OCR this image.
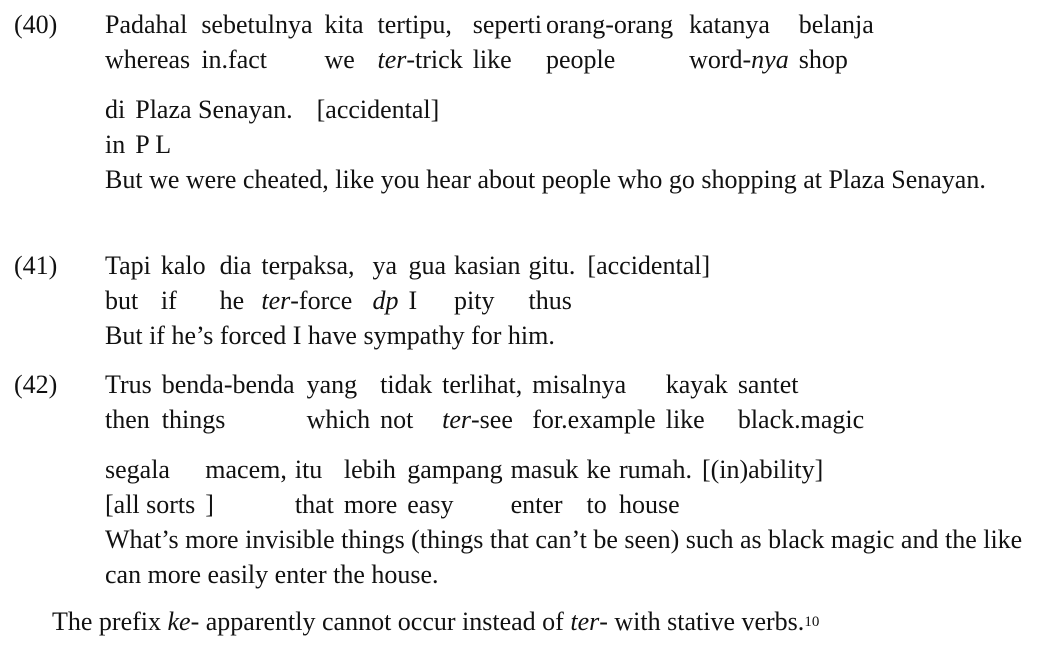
(40) Padahal	sebetulnya	kita	tertipu,	seperti	orang-orang	katanya	belanja
whereas	in.fact	we	ter-trick	like	people	word-nya	shop
di	Plaza Senayan.	[accidental]
in	P L	
But we were cheated, like you hear about people who go shopping at Plaza Senayan.
(41) Tapi	kalo	dia	terpaksa,	ya	gua	kasian	gitu.	[accidental]
but	if	he	ter-force	dp	I	pity	thus	
But if he’s forced I have sympathy for him.
(42) Trus	benda-benda	yang	tidak	terlihat,	misalnya	kayak	santet
then	things	which	not	ter-see	for.example	like	black.magic
segala	macem,	itu	lebih	gampang	masuk	ke	rumah.	[(in)ability]
[all sorts	]	that	more	easy	enter	to	house	
What’s more invisible things (things that can’t be seen) such as black magic and the like can more easily enter the house.
The prefix ke- apparently cannot occur instead of ter- with stative verbs.$^{10}$
